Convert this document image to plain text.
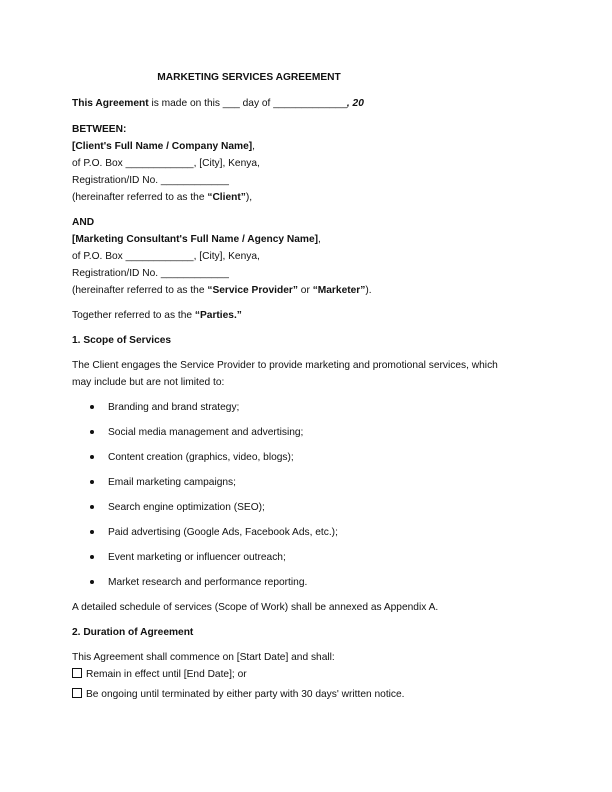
MARKETING SERVICES AGREEMENT
This Agreement is made on this ___ day of _____________, 20
BETWEEN:
[Client's Full Name / Company Name],
of P.O. Box ____________, [City], Kenya,
Registration/ID No. ____________
(hereinafter referred to as the “Client”),
AND
[Marketing Consultant's Full Name / Agency Name],
of P.O. Box ____________, [City], Kenya,
Registration/ID No. ____________
(hereinafter referred to as the “Service Provider” or “Marketer”).
Together referred to as the “Parties.”
1. Scope of Services
The Client engages the Service Provider to provide marketing and promotional services, which
may include but are not limited to:
Branding and brand strategy;
Social media management and advertising;
Content creation (graphics, video, blogs);
Email marketing campaigns;
Search engine optimization (SEO);
Paid advertising (Google Ads, Facebook Ads, etc.);
Event marketing or influencer outreach;
Market research and performance reporting.
A detailed schedule of services (Scope of Work) shall be annexed as Appendix A.
2. Duration of Agreement
This Agreement shall commence on [Start Date] and shall:
Remain in effect until [End Date]; or
Be ongoing until terminated by either party with 30 days' written notice.
